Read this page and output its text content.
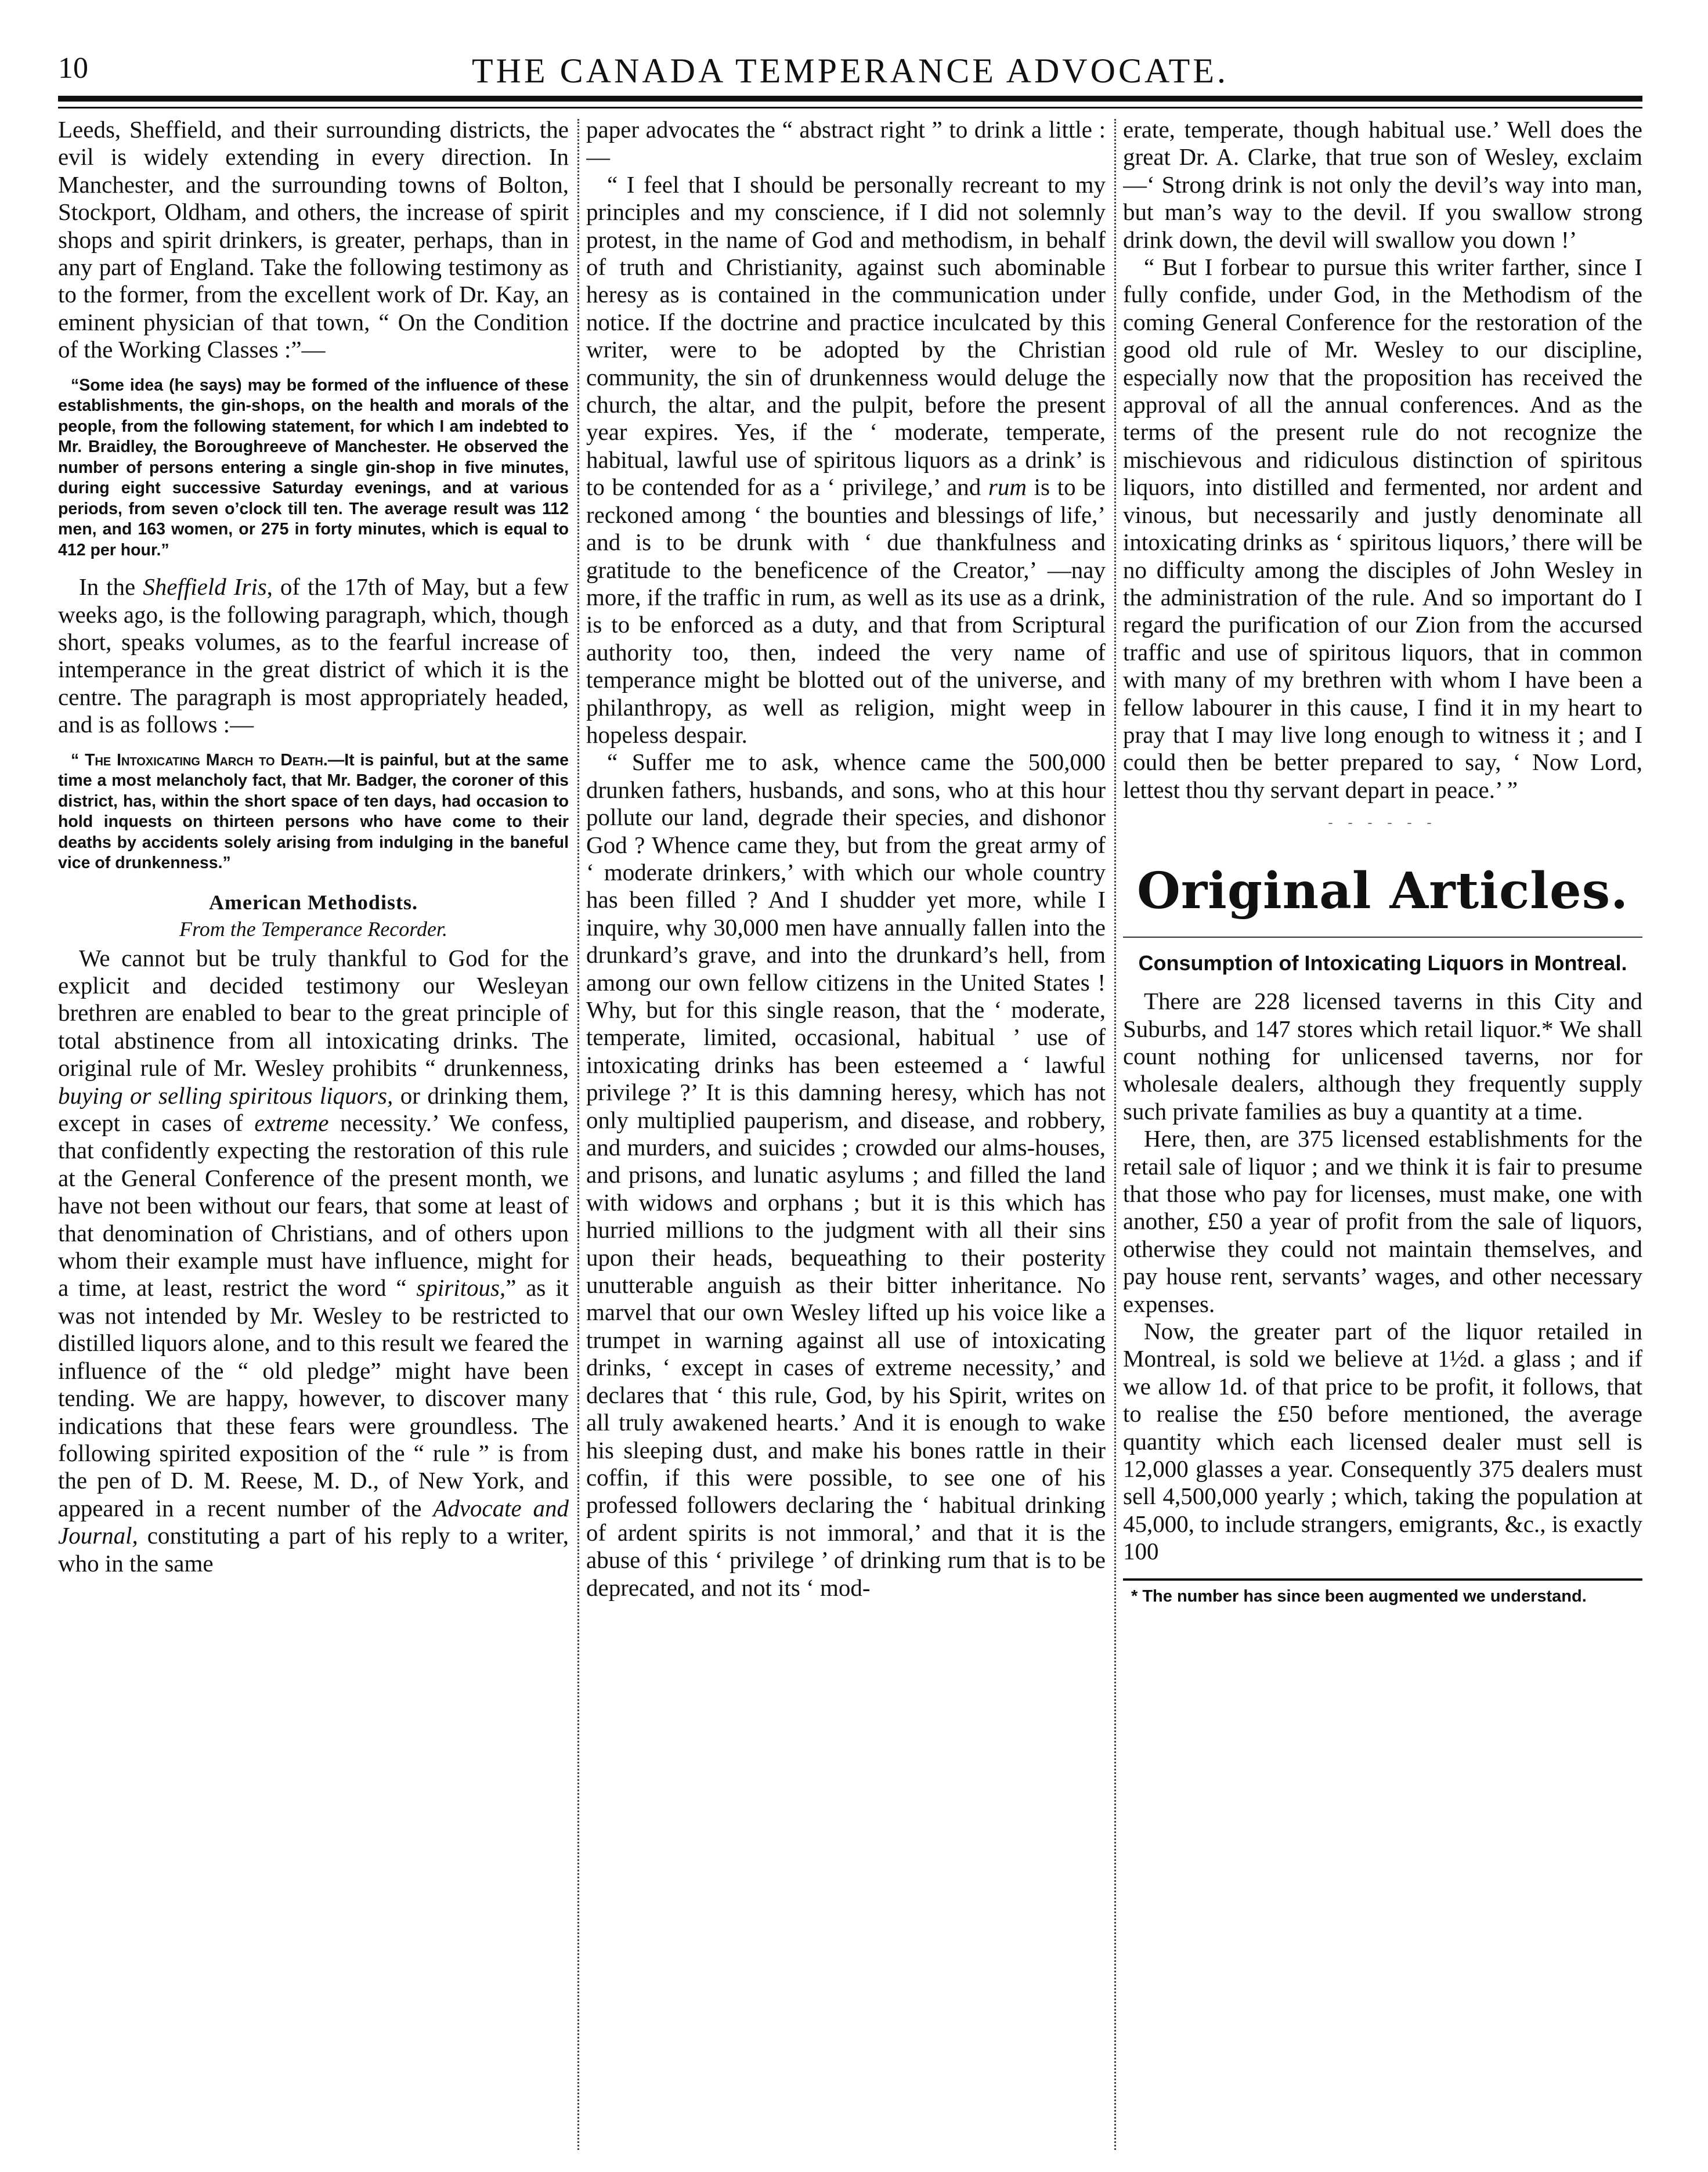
10	THE CANADA TEMPERANCE ADVOCATE.

Leeds, Sheffield, and their surrounding districts, the evil is widely extending in every direction. In Manchester, and the surrounding towns of Bolton, Stockport, Oldham, and others, the increase of spirit shops and spirit drinkers, is greater, perhaps, than in any part of England. Take the following testimony as to the former, from the excellent work of Dr. Kay, an eminent physician of that town, “ On the Condition of the Working Classes :”—

“Some idea (he says) may be formed of the influence of these establishments, the gin-shops, on the health and morals of the people, from the following statement, for which I am indebted to Mr. Braidley, the Boroughreeve of Manchester. He observed the number of persons entering a single gin-shop in five minutes, during eight successive Saturday evenings, and at various periods, from seven o’clock till ten. The average result was 112 men, and 163 women, or 275 in forty minutes, which is equal to 412 per hour.”

In the Sheffield Iris, of the 17th of May, but a few weeks ago, is the following paragraph, which, though short, speaks volumes, as to the fearful increase of intemperance in the great district of which it is the centre. The paragraph is most appropriately headed, and is as follows :—

“ The Intoxicating March to Death.—It is painful, but at the same time a most melancholy fact, that Mr. Badger, the coroner of this district, has, within the short space of ten days, had occasion to hold inquests on thirteen persons who have come to their deaths by accidents solely arising from indulging in the baneful vice of drunkenness.”

American Methodists.
From the Temperance Recorder.

We cannot but be truly thankful to God for the explicit and decided testimony our Wesleyan brethren are enabled to bear to the great principle of total abstinence from all intoxicating drinks. The original rule of Mr. Wesley prohibits “ drunkenness, buying or selling spiritous liquors, or drinking them, except in cases of extreme necessity.’ We confess, that confidently expecting the restoration of this rule at the General Conference of the present month, we have not been without our fears, that some at least of that denomination of Christians, and of others upon whom their example must have influence, might for a time, at least, restrict the word “ spiritous,” as it was not intended by Mr. Wesley to be restricted to distilled liquors alone, and to this result we feared the influence of the “ old pledge” might have been tending. We are happy, however, to discover many indications that these fears were groundless. The following spirited exposition of the “ rule ” is from the pen of D. M. Reese, M. D., of New York, and appeared in a recent number of the Advocate and Journal, constituting a part of his reply to a writer, who in the same

paper advocates the “ abstract right ” to drink a little :—

“ I feel that I should be personally recreant to my principles and my conscience, if I did not solemnly protest, in the name of God and methodism, in behalf of truth and Christianity, against such abominable heresy as is contained in the communication under notice. If the doctrine and practice inculcated by this writer, were to be adopted by the Christian community, the sin of drunkenness would deluge the church, the altar, and the pulpit, before the present year expires. Yes, if the ‘ moderate, temperate, habitual, lawful use of spiritous liquors as a drink’ is to be contended for as a ‘ privilege,’ and rum is to be reckoned among ‘ the bounties and blessings of life,’ and is to be drunk with ‘ due thankfulness and gratitude to the beneficence of the Creator,’ —nay more, if the traffic in rum, as well as its use as a drink, is to be enforced as a duty, and that from Scriptural authority too, then, indeed the very name of temperance might be blotted out of the universe, and philanthropy, as well as religion, might weep in hopeless despair.

“ Suffer me to ask, whence came the 500,000 drunken fathers, husbands, and sons, who at this hour pollute our land, degrade their species, and dishonor God ? Whence came they, but from the great army of ‘ moderate drinkers,’ with which our whole country has been filled ? And I shudder yet more, while I inquire, why 30,000 men have annually fallen into the drunkard’s grave, and into the drunkard’s hell, from among our own fellow citizens in the United States ! Why, but for this single reason, that the ‘ moderate, temperate, limited, occasional, habitual ’ use of intoxicating drinks has been esteemed a ‘ lawful privilege ?’ It is this damning heresy, which has not only multiplied pauperism, and disease, and robbery, and murders, and suicides ; crowded our alms-houses, and prisons, and lunatic asylums ; and filled the land with widows and orphans ; but it is this which has hurried millions to the judgment with all their sins upon their heads, bequeathing to their posterity unutterable anguish as their bitter inheritance. No marvel that our own Wesley lifted up his voice like a trumpet in warning against all use of intoxicating drinks, ‘ except in cases of extreme necessity,’ and declares that ‘ this rule, God, by his Spirit, writes on all truly awakened hearts.’ And it is enough to wake his sleeping dust, and make his bones rattle in their coffin, if this were possible, to see one of his professed followers declaring the ‘ habitual drinking of ardent spirits is not immoral,’ and that it is the abuse of this ‘ privilege ’ of drinking rum that is to be deprecated, and not its ‘ mod-

erate, temperate, though habitual use.’ Well does the great Dr. A. Clarke, that true son of Wesley, exclaim—‘ Strong drink is not only the devil’s way into man, but man’s way to the devil. If you swallow strong drink down, the devil will swallow you down !’

“ But I forbear to pursue this writer farther, since I fully confide, under God, in the Methodism of the coming General Conference for the restoration of the good old rule of Mr. Wesley to our discipline, especially now that the proposition has received the approval of all the annual conferences. And as the terms of the present rule do not recognize the mischievous and ridiculous distinction of spiritous liquors, into distilled and fermented, nor ardent and vinous, but necessarily and justly denominate all intoxicating drinks as ‘ spiritous liquors,’ there will be no difficulty among the disciples of John Wesley in the administration of the rule. And so important do I regard the purification of our Zion from the accursed traffic and use of spiritous liquors, that in common with many of my brethren with whom I have been a fellow labourer in this cause, I find it in my heart to pray that I may live long enough to witness it ; and I could then be better prepared to say, ‘ Now Lord, lettest thou thy servant depart in peace.’ ”

- - - - - -
Original Articles.
Consumption of Intoxicating Liquors in Montreal.

There are 228 licensed taverns in this City and Suburbs, and 147 stores which retail liquor.* We shall count nothing for unlicensed taverns, nor for wholesale dealers, although they frequently supply such private families as buy a quantity at a time.

Here, then, are 375 licensed establishments for the retail sale of liquor ; and we think it is fair to presume that those who pay for licenses, must make, one with another, £50 a year of profit from the sale of liquors, otherwise they could not maintain themselves, and pay house rent, servants’ wages, and other necessary expenses.

Now, the greater part of the liquor retailed in Montreal, is sold we believe at 1½d. a glass ; and if we allow 1d. of that price to be profit, it follows, that to realise the £50 before mentioned, the average quantity which each licensed dealer must sell is 12,000 glasses a year. Consequently 375 dealers must sell 4,500,000 yearly ; which, taking the population at 45,000, to include strangers, emigrants, &c., is exactly 100

* The number has since been augmented we understand.
